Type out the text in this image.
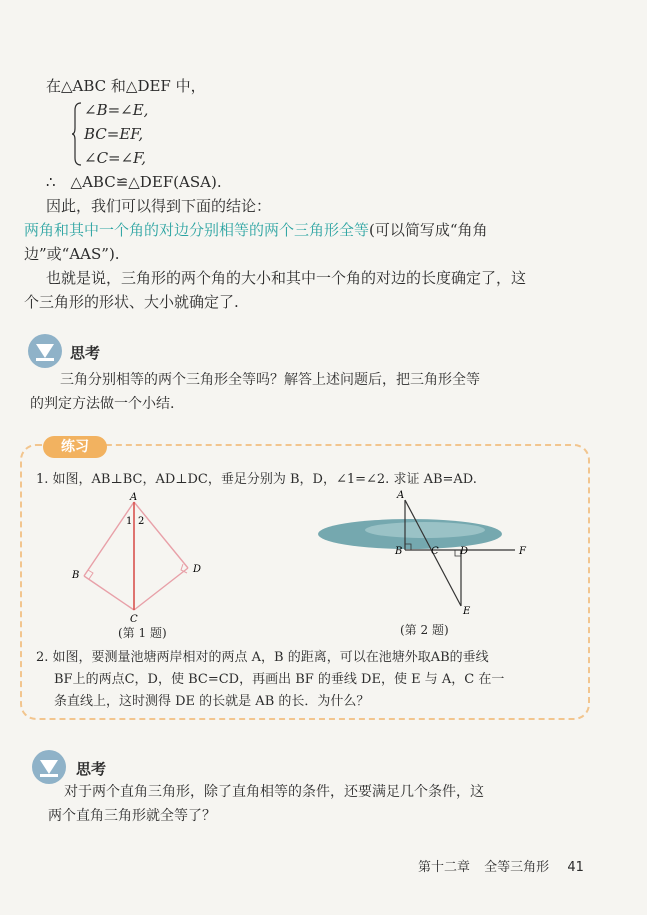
在△ABC 和△DEF 中，
∠B=∠E,
BC=EF,
∠C=∠F,
∴　△ABC≌△DEF(ASA).
因此，我们可以得到下面的结论：
两角和其中一个角的对边分别相等的两个三角形全等(可以简写成“角角
边”或“AAS”).
也就是说，三角形的两个角的大小和其中一个角的对边的长度确定了，这
个三角形的形状、大小就确定了.
思考
三角分别相等的两个三角形全等吗？解答上述问题后，把三角形全等
的判定方法做一个小结.
练习
1. 如图，AB⊥BC，AD⊥DC，垂足分别为 B，D，∠1=∠2. 求证 AB=AD.
A
1 2
B
D
C
(第 1 题)
A
B	C D	F
E
(第 2 题)
2. 如图，要测量池塘两岸相对的两点 A，B 的距离，可以在池塘外取AB的垂线
BF上的两点C，D，使 BC=CD，再画出 BF 的垂线 DE，使 E 与 A，C 在一
条直线上，这时测得 DE 的长就是 AB 的长．为什么？
思考
对于两个直角三角形，除了直角相等的条件，还要满足几个条件，这
两个直角三角形就全等了？
第十二章 全等三角形 41
